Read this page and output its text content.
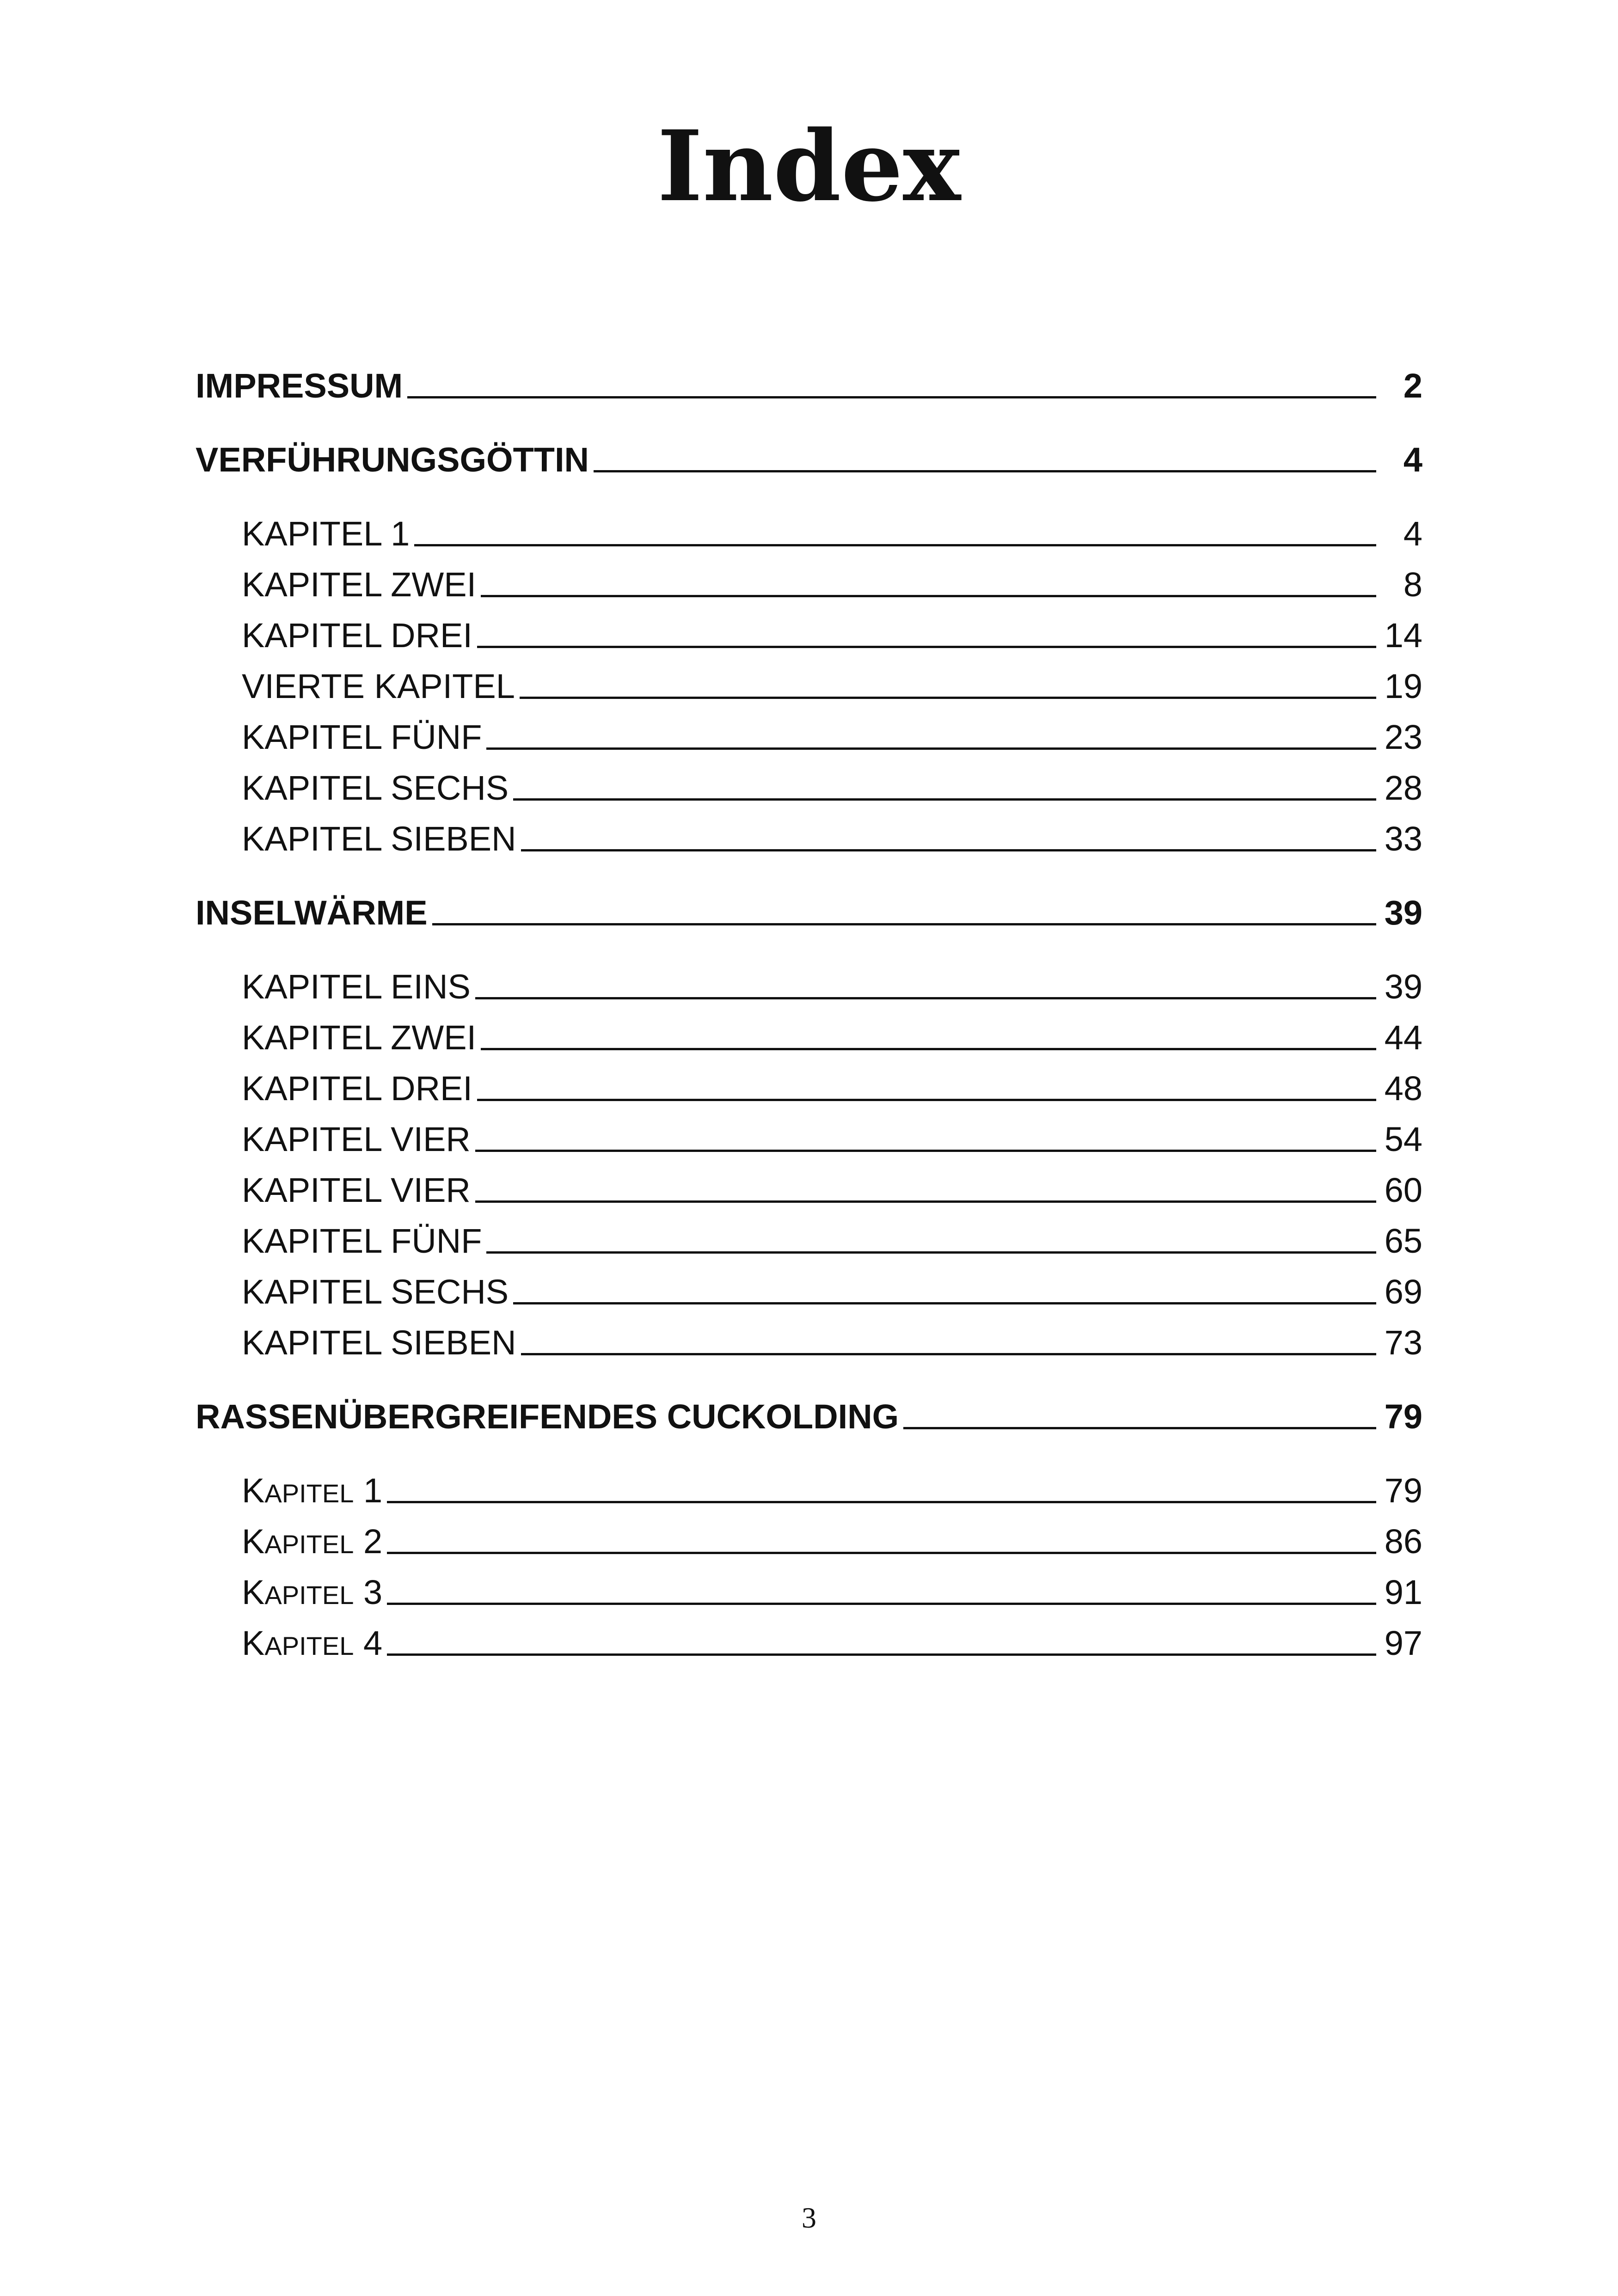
Index
IMPRESSUM	2
VERFÜHRUNGSGÖTTIN	4
KAPITEL 1	4
KAPITEL ZWEI	8
KAPITEL DREI	14
VIERTE KAPITEL	19
KAPITEL FÜNF	23
KAPITEL SECHS	28
KAPITEL SIEBEN	33
INSELWÄRME	39
KAPITEL EINS	39
KAPITEL ZWEI	44
KAPITEL DREI	48
KAPITEL VIER	54
KAPITEL VIER	60
KAPITEL FÜNF	65
KAPITEL SECHS	69
KAPITEL SIEBEN	73
RASSENÜBERGREIFENDES CUCKOLDING	79
KAPITEL 1	79
KAPITEL 2	86
KAPITEL 3	91
KAPITEL 4	97
3
